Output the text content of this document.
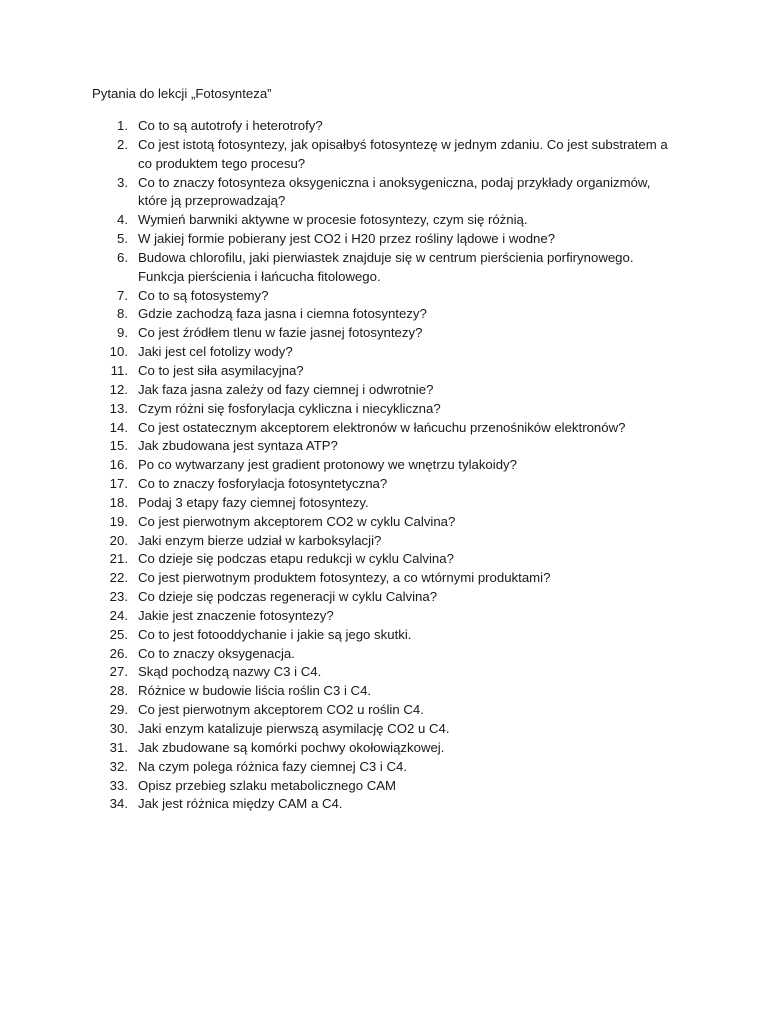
Pytania do lekcji „Fotosynteza”
1. Co to są autotrofy i heterotrofy?
2. Co jest istotą fotosyntezy, jak opisałbyś fotosyntezę w jednym zdaniu. Co jest substratem a co produktem tego procesu?
3. Co to znaczy fotosynteza oksygeniczna i anoksygeniczna, podaj przykłady organizmów, które ją przeprowadzają?
4. Wymień barwniki aktywne w procesie fotosyntezy, czym się różnią.
5. W jakiej formie pobierany jest CO2 i H20 przez rośliny lądowe i wodne?
6. Budowa chlorofilu, jaki pierwiastek znajduje się w centrum pierścienia porfirynowego. Funkcja pierścienia i łańcucha fitolowego.
7. Co to są fotosystemy?
8. Gdzie zachodzą faza jasna i ciemna fotosyntezy?
9. Co jest źródłem tlenu w fazie jasnej fotosyntezy?
10. Jaki jest cel fotolizy wody?
11. Co to jest siła asymilacyjna?
12. Jak faza jasna zależy od fazy ciemnej i odwrotnie?
13. Czym różni się fosforylacja cykliczna i niecykliczna?
14. Co jest ostatecznym akceptorem elektronów w łańcuchu przenośników elektronów?
15. Jak zbudowana jest syntaza ATP?
16. Po co wytwarzany jest gradient protonowy we wnętrzu tylakoidy?
17. Co to znaczy fosforylacja fotosyntetyczna?
18. Podaj 3 etapy fazy ciemnej fotosyntezy.
19. Co jest pierwotnym akceptorem CO2 w cyklu Calvina?
20. Jaki enzym bierze udział w karboksylacji?
21. Co dzieje się podczas etapu redukcji w cyklu Calvina?
22. Co jest pierwotnym produktem fotosyntezy, a co wtórnymi produktami?
23. Co dzieje się podczas regeneracji w cyklu Calvina?
24. Jakie jest znaczenie fotosyntezy?
25. Co to jest fotooddychanie i jakie są jego skutki.
26. Co to znaczy oksygenacja.
27. Skąd pochodzą nazwy C3 i C4.
28. Różnice w budowie liścia roślin C3 i C4.
29. Co jest pierwotnym akceptorem CO2 u roślin C4.
30. Jaki enzym katalizuje pierwszą asymilację CO2 u C4.
31. Jak zbudowane są komórki pochwy okołowiązkowej.
32. Na czym polega różnica fazy ciemnej C3 i C4.
33. Opisz przebieg szlaku metabolicznego CAM
34. Jak jest różnica między CAM a C4.
